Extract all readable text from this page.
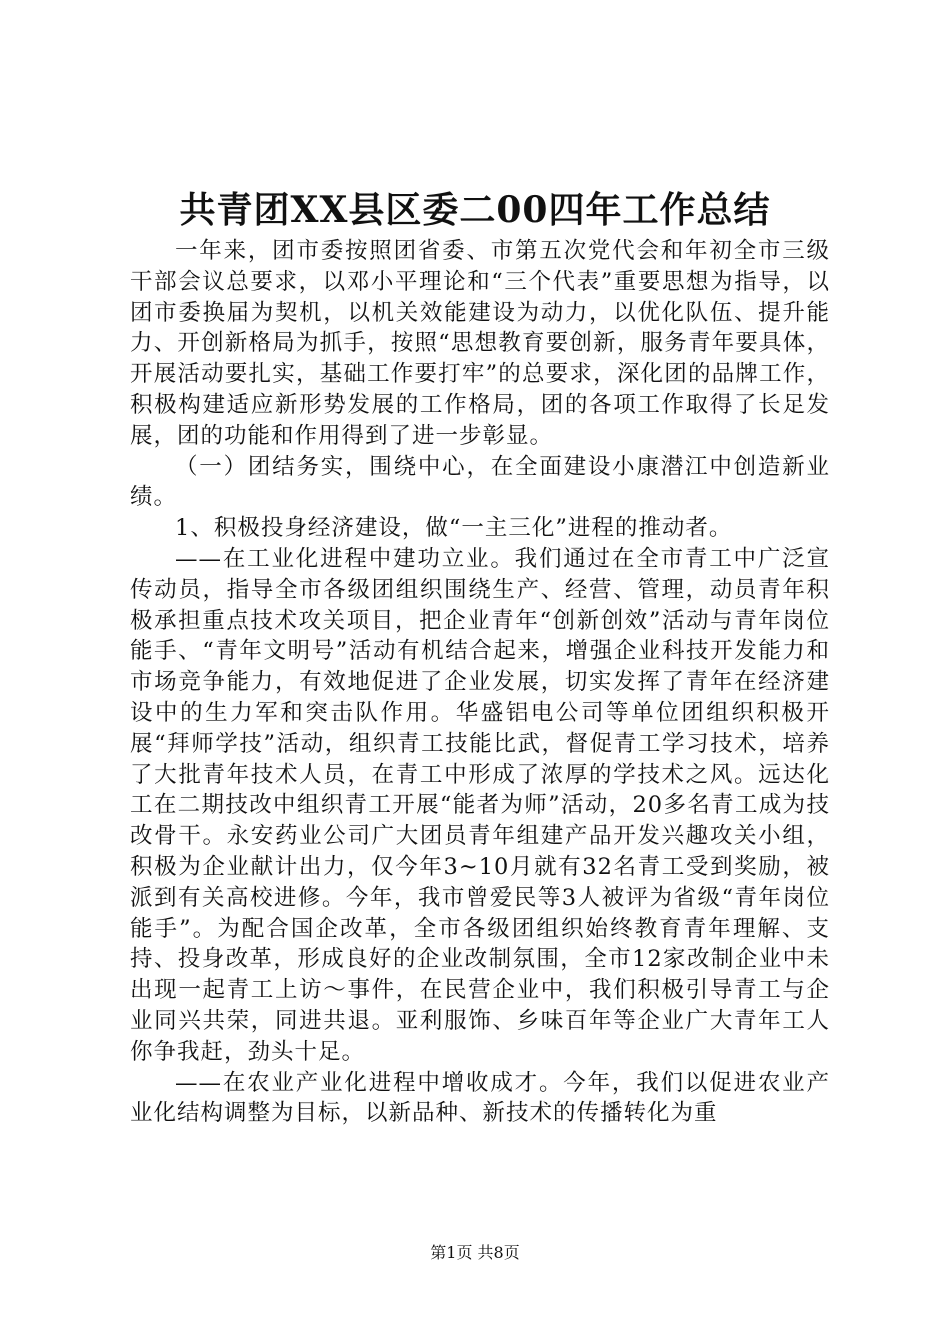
共青团XX县区委二00四年工作总结

一年来，团市委按照团省委、市第五次党代会和年初全市三级干部会议总要求，以邓小平理论和“三个代表”重要思想为指导，以团市委换届为契机，以机关效能建设为动力，以优化队伍、提升能力、开创新格局为抓手，按照“思想教育要创新，服务青年要具体，开展活动要扎实，基础工作要打牢”的总要求，深化团的品牌工作，积极构建适应新形势发展的工作格局，团的各项工作取得了长足发展，团的功能和作用得到了进一步彰显。

（一）团结务实，围绕中心，在全面建设小康潜江中创造新业绩。

1、积极投身经济建设，做“一主三化”进程的推动者。

——在工业化进程中建功立业。我们通过在全市青工中广泛宣传动员，指导全市各级团组织围绕生产、经营、管理，动员青年积极承担重点技术攻关项目，把企业青年“创新创效”活动与青年岗位能手、“青年文明号”活动有机结合起来，增强企业科技开发能力和市场竞争能力，有效地促进了企业发展，切实发挥了青年在经济建设中的生力军和突击队作用。华盛铝电公司等单位团组织积极开展“拜师学技”活动，组织青工技能比武，督促青工学习技术，培养了大批青年技术人员，在青工中形成了浓厚的学技术之风。远达化工在二期技改中组织青工开展“能者为师”活动，20多名青工成为技改骨干。永安药业公司广大团员青年组建产品开发兴趣攻关小组，积极为企业献计出力，仅今年3~10月就有32名青工受到奖励，被派到有关高校进修。今年，我市曾爱民等3人被评为省级“青年岗位能手”。为配合国企改革，全市各级团组织始终教育青年理解、支持、投身改革，形成良好的企业改制氛围，全市12家改制企业中未出现一起青工上访～事件，在民营企业中，我们积极引导青工与企业同兴共荣，同进共退。亚利服饰、乡味百年等企业广大青年工人你争我赶，劲头十足。

——在农业产业化进程中增收成才。今年，我们以促进农业产业化结构调整为目标，以新品种、新技术的传播转化为重

第1页 共8页
